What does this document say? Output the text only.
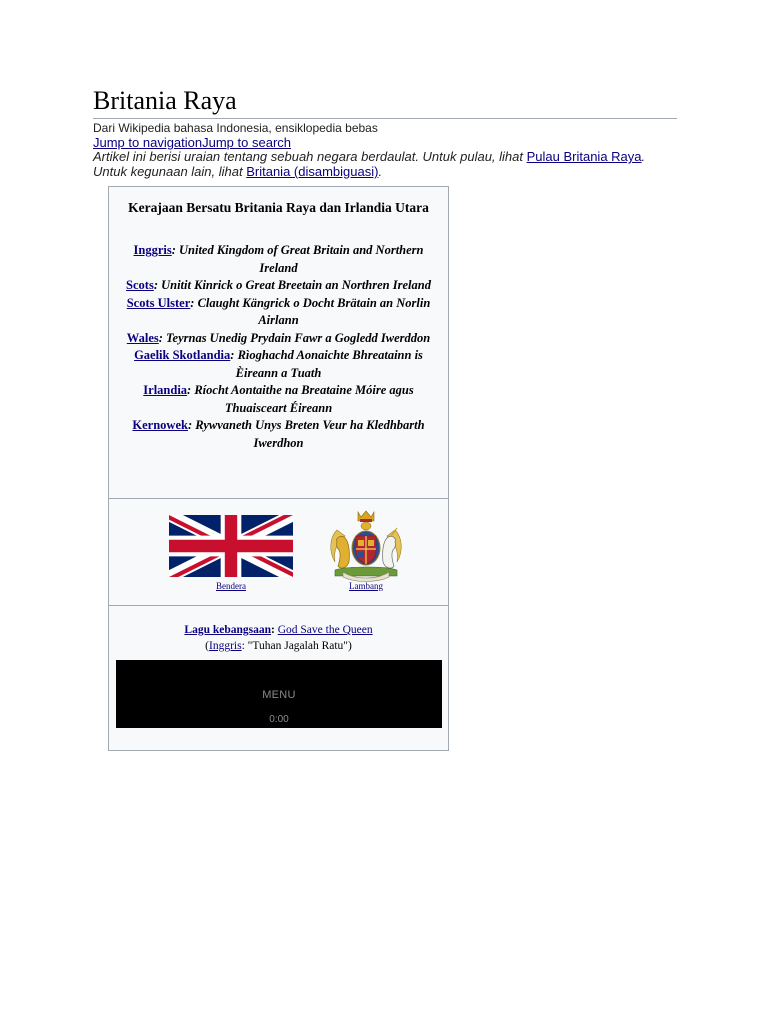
Britania Raya
Dari Wikipedia bahasa Indonesia, ensiklopedia bebas
Jump to navigationJump to search
Artikel ini berisi uraian tentang sebuah negara berdaulat. Untuk pulau, lihat Pulau Britania Raya.
Untuk kegunaan lain, lihat Britania (disambiguasi).
Kerajaan Bersatu Britania Raya dan Irlandia Utara
Inggris: United Kingdom of Great Britain and Northern Ireland
Scots: Unitit Kinrick o Great Breetain an Northren Ireland
Scots Ulster: Claught Kängrick o Docht Brätain an Norlin Airlann
Wales: Teyrnas Unedig Prydain Fawr a Gogledd Iwerddon
Gaelik Skotlandia: Rìoghachd Aonaichte Bhreatainn is Èireann a Tuath
Irlandia: Ríocht Aontaithe na Breataine Móire agus Thuaisceart Éireann
Kernowek: Rywvaneth Unys Breten Veur ha Kledhbarth Iwerdhon
Bendera	Lambang
Lagu kebangsaan: God Save the Queen
(Inggris: "Tuhan Jagalah Ratu")
MENU
0:00
